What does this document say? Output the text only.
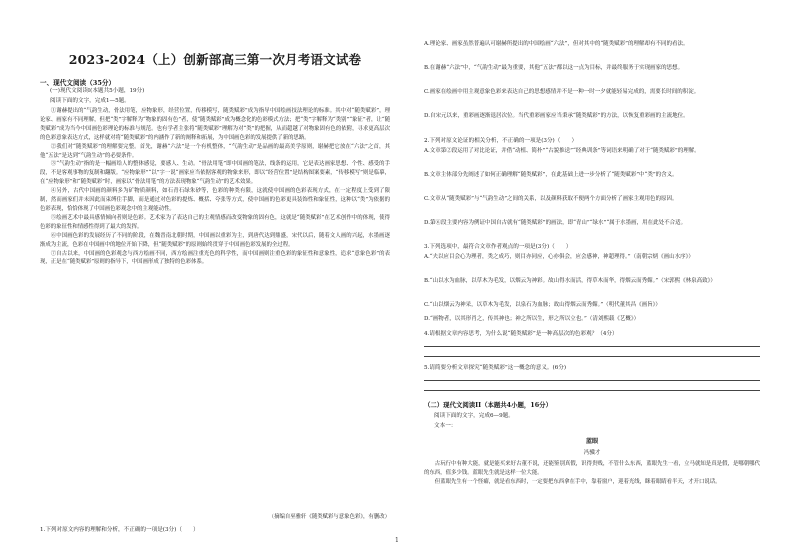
2023-2024（上）创新部高三第一次月考语文试卷
一、现代文阅读（35分）
(一)现代文阅读I(本题共5小题，19分)
阅读下面的文字，完成1—5题。

①谢赫提出的“气韵生动，骨法用笔，应物象形，经营位置，传移模写，随类赋彩”成为指导中国绘画技法理论的标准。其中对“随类赋彩”，理论家、画家有不同理解，但把“类”字解释为“物象的固有色”者，使“随类赋彩”成为概念化的色彩模式方法；把“类”字解释为“类别”“象征”者，让“随类赋彩”成为当今中国画色彩理论的标准与规范。也有学者主张将“随类赋彩”理解为对“类”的把握，从而超越了对物象固有色的依附，寻求更高层次的色彩意象表达方式，这样就对将“随类赋彩”的内涵作了新的阐释和拓展，为中国画色彩的发展提供了新的思路。

②我们对“随类赋彩”的理解要完整。首先，谢赫“六法”是一个有机整体，“气韵生动”是品画的最高美学原则，谢赫把它放在“六法”之首，其他“五法”是达到“气韵生动”的必要条件。

③“气韵生动”指的是一幅画给人的整体感觉，要感人、生动。“骨法用笔”即中国画的笔法，线条的运用，它是表达画家思想、个性、感受的手段，不是客观事物的复制和翻版。“应物象形”“以”字一说“画家应当依据客观的物象来形，即以“经营位置”是结构图案要素，“传移模写”则是临摹，在“应物象形”和“随类赋彩”时，画家以“骨法用笔”的方法表现物象“气韵生动”的艺术效果。

④另外，古代中国画的颜料多为矿物质颜料，如石青石绿朱砂等，色彩的种类有限，这就使中国画的色彩表现方式，在一定程度上受到了限制，然而画家们并未因此而束缚住手脚，而是通过对色彩的提炼、概括、夸张等方式，使中国画的色彩更具装饰性和象征性，这种以“类”为依据的色彩表现，恰恰体现了中国画色彩观念中的主观能动性。

⑤绘画艺术中最具感情倾向者则是色彩。艺术家为了表达自己的主观情感而改变物象的固有色，这就是“随类赋彩”在艺术创作中的体现，使得色彩的象征性和情感性得到了最大的发挥。

⑥中国画色彩的发展经历了不同的阶段，在魏晋南北朝时期，中国画以重彩为主，到唐代达到鼎盛，宋代以后，随着文人画的兴起，水墨画逐渐成为主流，色彩在中国画中的地位开始下降，但“随类赋彩”的原则始终贯穿于中国画色彩发展的全过程。

⑦自古以来，中国画的色彩观念与西方绘画不同，西方绘画注重光色的科学性，而中国画则注重色彩的象征性和意象性，追求“意象色彩”的表现，正是在“随类赋彩”原则的指导下，中国画形成了独特的色彩体系。

（摘编自巫雅轩《随类赋彩与意象色彩》，有删改）
1.下列对原文内容的理解和分析，不正确的一项是(3分)（　　）
A.理论家、画家虽然普遍认可谢赫所提出的中国绘画“六法”，但对其中的“随类赋彩”的理解却有不同的看法。
B.在谢赫“六法”中，“气韵生动”最为重要，其他“五法”都以这一点为目标，并最终服务于实现画家的思想。
C.画家在绘画中用主观意象色彩来表达自己的思想感情并不是一种一时一夕就能轻易完成的，需要长时间的积淀。
D.自宋元以来，重彩画逐渐退居次位。当代重彩画家应当秉承“随类赋彩”的方法，以恢复重彩画的主流地位。
2.下列对原文论证的相关分析，不正确的一项是(3分)（　　）
A.文章第②段运用了对比论证，并借“动植、简朴”“古貌推送”“经典训条”等词语来明确了对于“随类赋彩”的理解。
B.文章主体部分先阐述了如何正确理解“随类赋彩”，在此基础上进一步分析了“随类赋彩”中“类”的含义。
C.文章从“随类赋彩”与“气韵生动”之间的关系，以及颜料获取不便两个方面分析了画家主观用色的原因。
D.第⑥段主要内容为例证中国自古就有“随类赋彩”的画法，即“青山”“绿水”“属于水墨画，用在此处不合适。
3.下列选项中，最符合文章作者观点的一项是(3分)（　　）
A.“夫以应目会心为理者，类之成巧，则目亦同应，心亦俱会，应会感神，神超理得。”（南朝宗炳《画山水序》）
B.“山以水为血脉，以草木为毛发，以烟云为神彩。故山得水而活，得草木而华，得烟云而秀媚。”（宋郭熙《林泉高致》）
C.“山以烟云为神采，以草木为毛发，以泉石为血脉；故山得烟云而秀媚。”（明代董其昌《画旨》）
D.“画物者，以其形肖之，传其神也；神之所以生，形之所以立也。”（清刘熙载《艺概》）
4.请根据文章内容思考，为什么说“随类赋彩”是一种高层次的色彩观？（4分）
5.请简要分析文章探究“随类赋彩”这一概念的意义。(6分)
（二）现代文阅读II（本题共4小题，16分）
阅读下面的文字，完成6—9题。
文本一：
蓝眼
冯骥才

古玩行中有种大能，就是能买来好古董不说，还能鉴别真假，识得贵贱，不管什么东西，蓝眼先生一看，立马就知是真是假，是哪朝哪代的东西，值多少钱。蓝眼先生就是这样一位大能。

但蓝眼先生有一个怪癖，就是看东西时，一定要把东西拿在手中，靠着窗户，迎着光线，眯着眼睛看半天，才开口说话。

1
